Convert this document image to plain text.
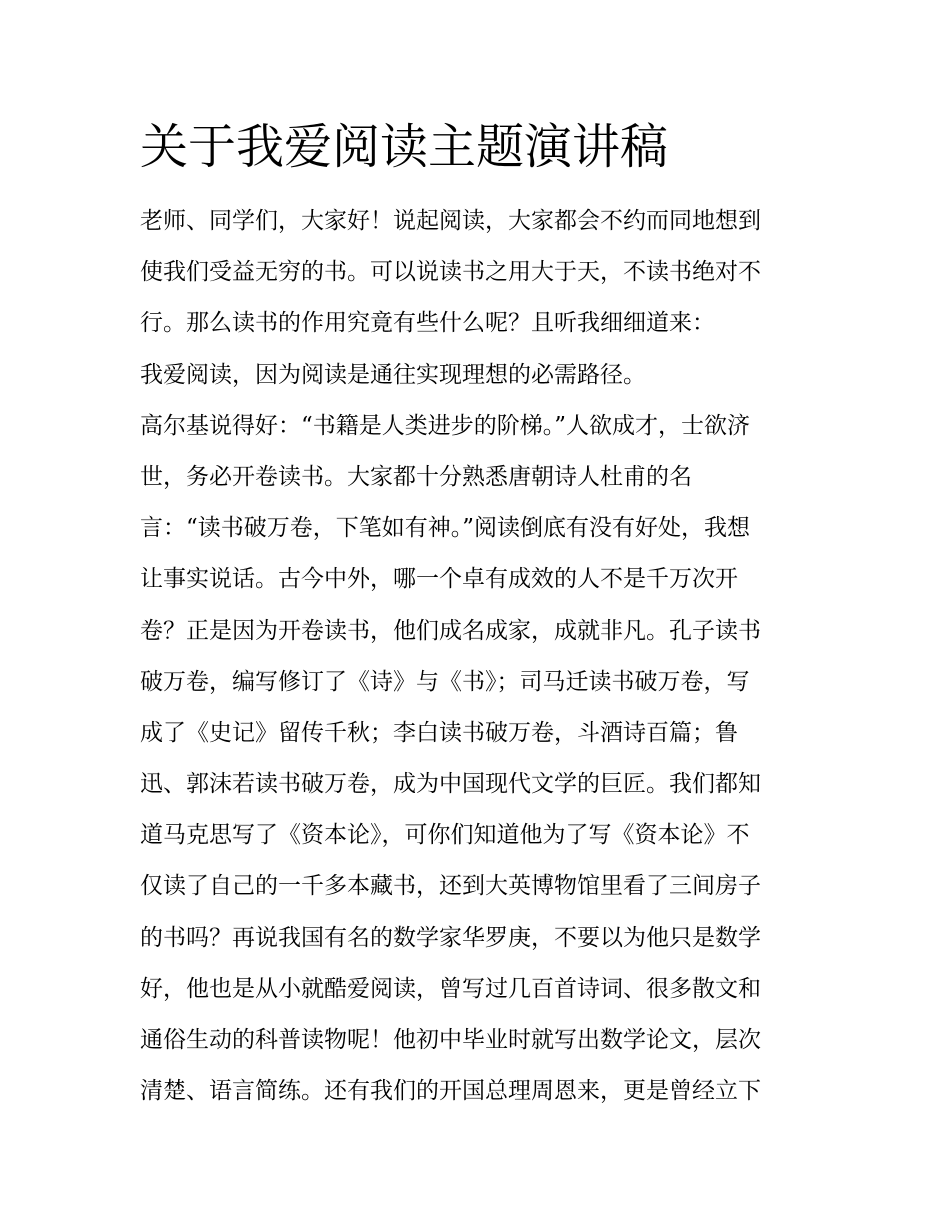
关于我爱阅读主题演讲稿
老师、同学们，大家好！说起阅读，大家都会不约而同地想到
使我们受益无穷的书。可以说读书之用大于天，不读书绝对不
行。那么读书的作用究竟有些什么呢？且听我细细道来：
我爱阅读，因为阅读是通往实现理想的必需路径。
高尔基说得好：“书籍是人类进步的阶梯。”人欲成才，士欲济
世，务必开卷读书。大家都十分熟悉唐朝诗人杜甫的名
言：“读书破万卷，下笔如有神。”阅读倒底有没有好处，我想
让事实说话。古今中外，哪一个卓有成效的人不是千万次开
卷？正是因为开卷读书，他们成名成家，成就非凡。孔子读书
破万卷，编写修订了《诗》与《书》；司马迁读书破万卷，写
成了《史记》留传千秋；李白读书破万卷，斗酒诗百篇；鲁
迅、郭沫若读书破万卷，成为中国现代文学的巨匠。我们都知
道马克思写了《资本论》，可你们知道他为了写《资本论》不
仅读了自己的一千多本藏书，还到大英博物馆里看了三间房子
的书吗？再说我国有名的数学家华罗庚，不要以为他只是数学
好，他也是从小就酷爱阅读，曾写过几百首诗词、很多散文和
通俗生动的科普读物呢！他初中毕业时就写出数学论文，层次
清楚、语言简练。还有我们的开国总理周恩来，更是曾经立下
